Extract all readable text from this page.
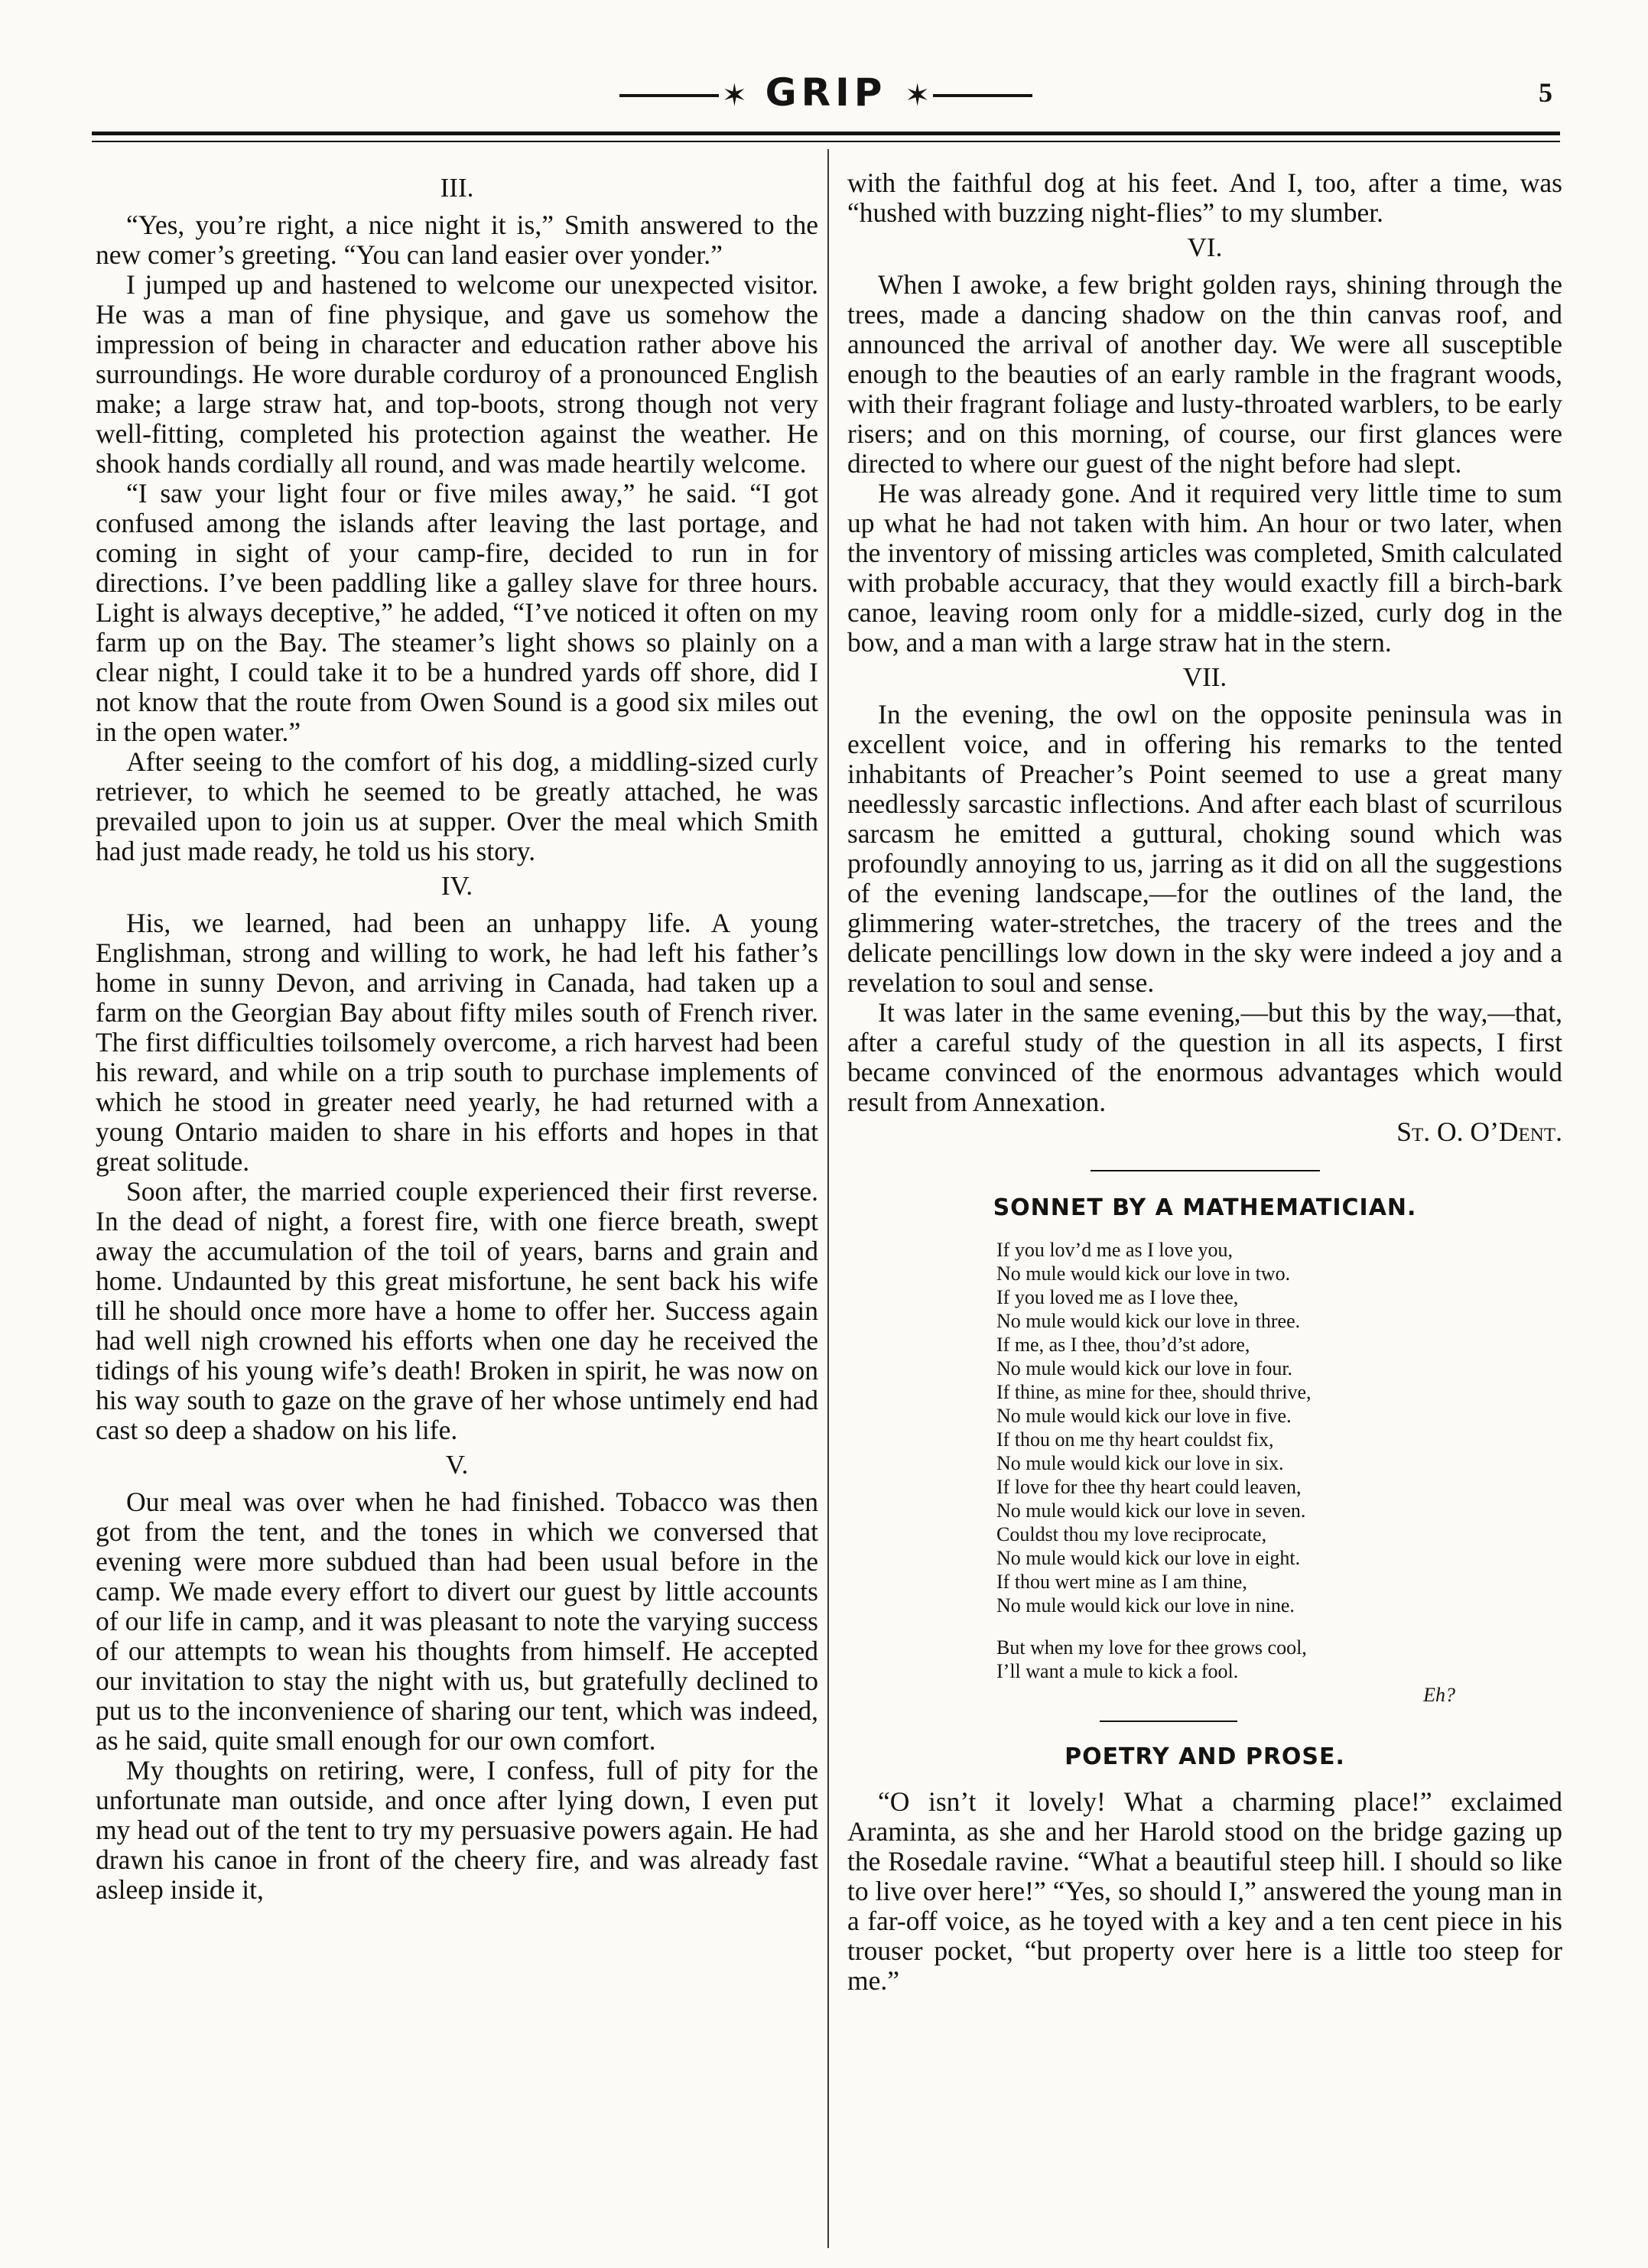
✶ GRIP ✶	5
III.

“Yes, you’re right, a nice night it is,” Smith answered to the new comer’s greeting. “You can land easier over yonder.”

I jumped up and hastened to welcome our unexpected visitor. He was a man of fine physique, and gave us somehow the impression of being in character and education rather above his surroundings. He wore durable corduroy of a pronounced English make; a large straw hat, and top-boots, strong though not very well-fitting, completed his protection against the weather. He shook hands cordially all round, and was made heartily welcome.

“I saw your light four or five miles away,” he said. “I got confused among the islands after leaving the last portage, and coming in sight of your camp-fire, decided to run in for directions. I’ve been paddling like a galley slave for three hours. Light is always deceptive,” he added, “I’ve noticed it often on my farm up on the Bay. The steamer’s light shows so plainly on a clear night, I could take it to be a hundred yards off shore, did I not know that the route from Owen Sound is a good six miles out in the open water.”

After seeing to the comfort of his dog, a middling-sized curly retriever, to which he seemed to be greatly attached, he was prevailed upon to join us at supper. Over the meal which Smith had just made ready, he told us his story.

IV.

His, we learned, had been an unhappy life. A young Englishman, strong and willing to work, he had left his father’s home in sunny Devon, and arriving in Canada, had taken up a farm on the Georgian Bay about fifty miles south of French river. The first difficulties toilsomely overcome, a rich harvest had been his reward, and while on a trip south to purchase implements of which he stood in greater need yearly, he had returned with a young Ontario maiden to share in his efforts and hopes in that great solitude.

Soon after, the married couple experienced their first reverse. In the dead of night, a forest fire, with one fierce breath, swept away the accumulation of the toil of years, barns and grain and home. Undaunted by this great misfortune, he sent back his wife till he should once more have a home to offer her. Success again had well nigh crowned his efforts when one day he received the tidings of his young wife’s death! Broken in spirit, he was now on his way south to gaze on the grave of her whose untimely end had cast so deep a shadow on his life.

V.

Our meal was over when he had finished. Tobacco was then got from the tent, and the tones in which we conversed that evening were more subdued than had been usual before in the camp. We made every effort to divert our guest by little accounts of our life in camp, and it was pleasant to note the varying success of our attempts to wean his thoughts from himself. He accepted our invitation to stay the night with us, but gratefully declined to put us to the inconvenience of sharing our tent, which was indeed, as he said, quite small enough for our own comfort.

My thoughts on retiring, were, I confess, full of pity for the unfortunate man outside, and once after lying down, I even put my head out of the tent to try my persuasive powers again. He had drawn his canoe in front of the cheery fire, and was already fast asleep inside it,

with the faithful dog at his feet. And I, too, after a time, was “hushed with buzzing night-flies” to my slumber.

VI.

When I awoke, a few bright golden rays, shining through the trees, made a dancing shadow on the thin canvas roof, and announced the arrival of another day. We were all susceptible enough to the beauties of an early ramble in the fragrant woods, with their fragrant foliage and lusty-throated warblers, to be early risers; and on this morning, of course, our first glances were directed to where our guest of the night before had slept.

He was already gone. And it required very little time to sum up what he had not taken with him. An hour or two later, when the inventory of missing articles was completed, Smith calculated with probable accuracy, that they would exactly fill a birch-bark canoe, leaving room only for a middle-sized, curly dog in the bow, and a man with a large straw hat in the stern.

VII.

In the evening, the owl on the opposite peninsula was in excellent voice, and in offering his remarks to the tented inhabitants of Preacher’s Point seemed to use a great many needlessly sarcastic inflections. And after each blast of scurrilous sarcasm he emitted a guttural, choking sound which was profoundly annoying to us, jarring as it did on all the suggestions of the evening landscape,—for the outlines of the land, the glimmering water-stretches, the tracery of the trees and the delicate pencillings low down in the sky were indeed a joy and a revelation to soul and sense.

It was later in the same evening,—but this by the way,—that, after a careful study of the question in all its aspects, I first became convinced of the enormous advantages which would result from Annexation.

St. O. O’Dent.

SONNET BY A MATHEMATICIAN.
If you lov’d me as I love you,
No mule would kick our love in two.
If you loved me as I love thee,
No mule would kick our love in three.
If me, as I thee, thou’d’st adore,
No mule would kick our love in four.
If thine, as mine for thee, should thrive,
No mule would kick our love in five.
If thou on me thy heart couldst fix,
No mule would kick our love in six.
If love for thee thy heart could leaven,
No mule would kick our love in seven.
Couldst thou my love reciprocate,
No mule would kick our love in eight.
If thou wert mine as I am thine,
No mule would kick our love in nine.
But when my love for thee grows cool,
I’ll want a mule to kick a fool.
Eh?
POETRY AND PROSE.

“O isn’t it lovely! What a charming place!” exclaimed Araminta, as she and her Harold stood on the bridge gazing up the Rosedale ravine. “What a beautiful steep hill. I should so like to live over here!” “Yes, so should I,” answered the young man in a far-off voice, as he toyed with a key and a ten cent piece in his trouser pocket, “but property over here is a little too steep for me.”
